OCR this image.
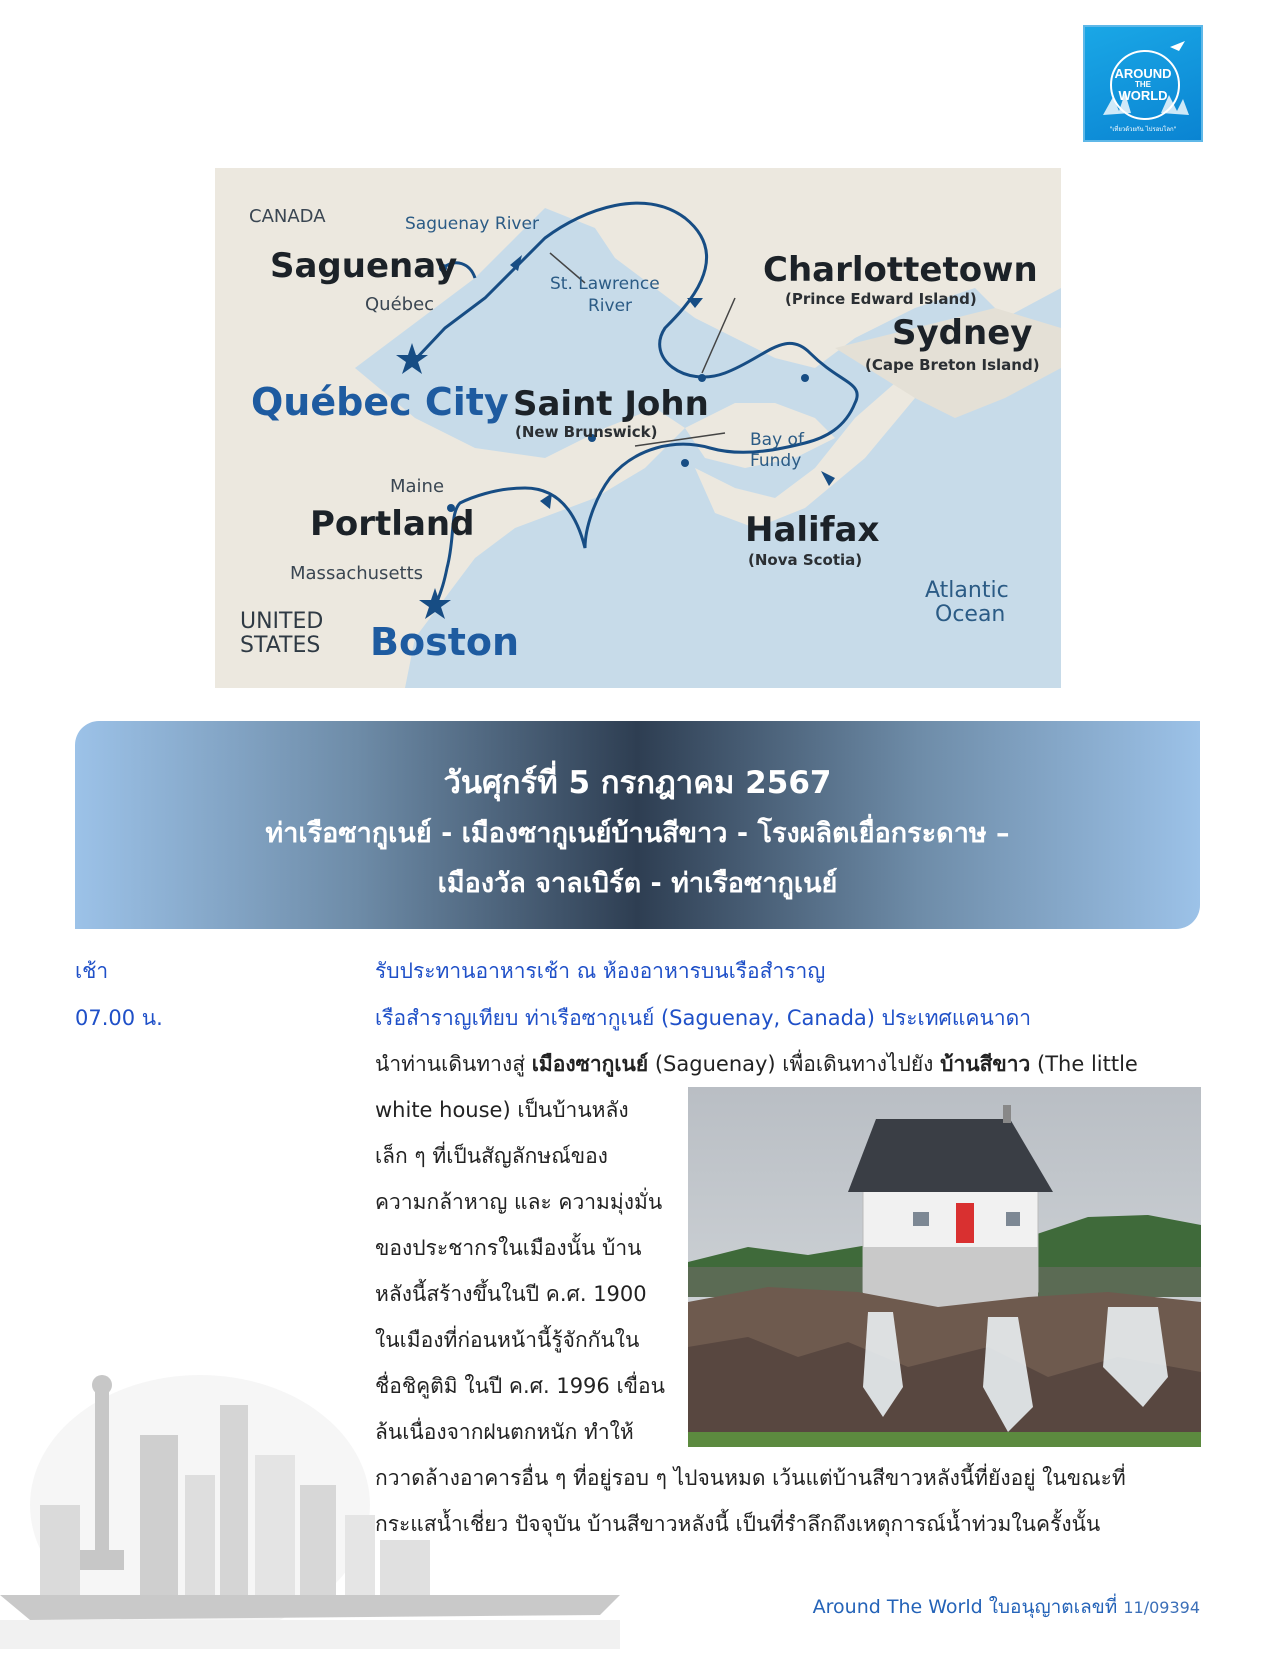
AROUND
THE
WORLD
"เที่ยวด้วยกัน ไปรอบโลก"
CANADA	Saguenay River
Saguenay
Québec
St. Lawrence
River
Charlottetown
(Prince Edward Island)
Sydney
(Cape Breton Island)
Québec City Saint John
(New Brunswick)	Bay of
Fundy
Maine
Portland	Halifax
(Nova Scotia)
Massachusetts
Atlantic
Ocean
UNITED
STATES Boston
วันศุกร์ที่ 5 กรกฎาคม 2567
ท่าเรือซากูเนย์ - เมืองซากูเนย์บ้านสีขาว - โรงผลิตเยื่อกระดาษ –
เมืองวัล จาลเบิร์ต - ท่าเรือซากูเนย์
เช้า	รับประทานอาหารเช้า ณ ห้องอาหารบนเรือสำราญ
07.00 น.	เรือสำราญเทียบ ท่าเรือซากูเนย์ (Saguenay, Canada) ประเทศแคนาดา
นำท่านเดินทางสู่ เมืองซากูเนย์ (Saguenay) เพื่อเดินทางไปยัง บ้านสีขาว (The little
white house) เป็นบ้านหลัง
เล็ก ๆ ที่เป็นสัญลักษณ์ของ
ความกล้าหาญ และ ความมุ่งมั่น
ของประชากรในเมืองนั้น บ้าน
หลังนี้สร้างขึ้นในปี ค.ศ. 1900
ในเมืองที่ก่อนหน้านี้รู้จักกันใน
ชื่อชิคูติมิ ในปี ค.ศ. 1996 เขื่อน
ล้นเนื่องจากฝนตกหนัก ทำให้
กวาดล้างอาคารอื่น ๆ ที่อยู่รอบ ๆ ไปจนหมด เว้นแต่บ้านสีขาวหลังนี้ที่ยังอยู่ ในขณะที่
กระแสน้ำเชี่ยว ปัจจุบัน บ้านสีขาวหลังนี้ เป็นที่รำลึกถึงเหตุการณ์น้ำท่วมในครั้งนั้น
Around The World ใบอนุญาตเลขที่ 11/09394
